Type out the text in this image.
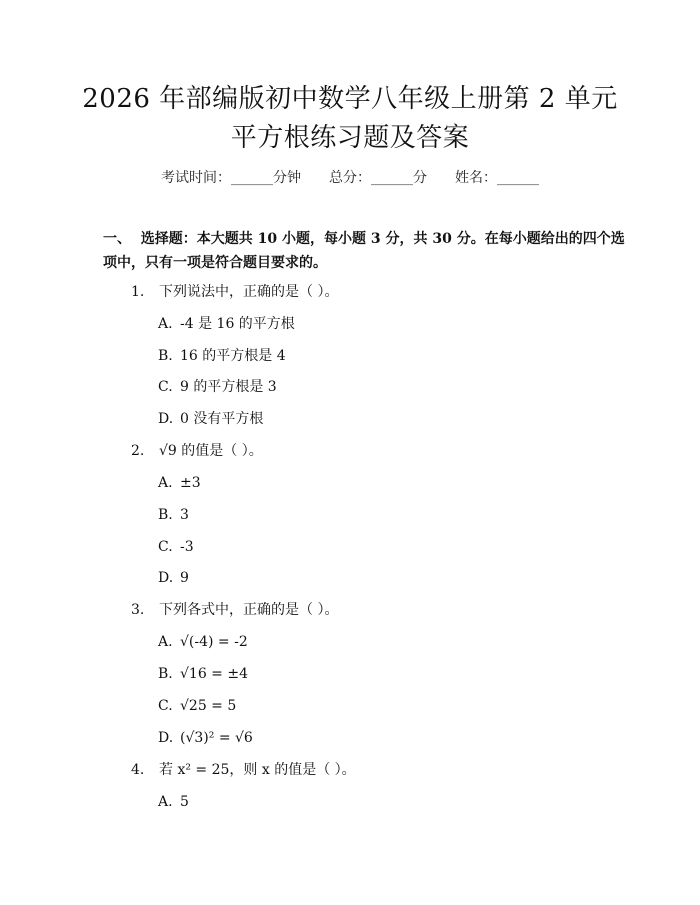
2026 年部编版初中数学八年级上册第 2 单元
平方根练习题及答案
考试时间：______分钟 总分：______分 姓名：______
一、  选择题：本大题共 10 小题，每小题 3 分，共 30 分。在每小题给出的四个选
项中，只有一项是符合题目要求的。
1. 下列说法中，正确的是（ ）。
A. -4 是 16 的平方根
B. 16 的平方根是 4
C. 9 的平方根是 3
D. 0 没有平方根
2. √9 的值是（ ）。
A. ±3
B. 3
C. -3
D. 9
3. 下列各式中，正确的是（ ）。
A. √(-4) = -2
B. √16 = ±4
C. √25 = 5
D. (√3)² = √6
4. 若 x² = 25，则 x 的值是（ ）。
A. 5
